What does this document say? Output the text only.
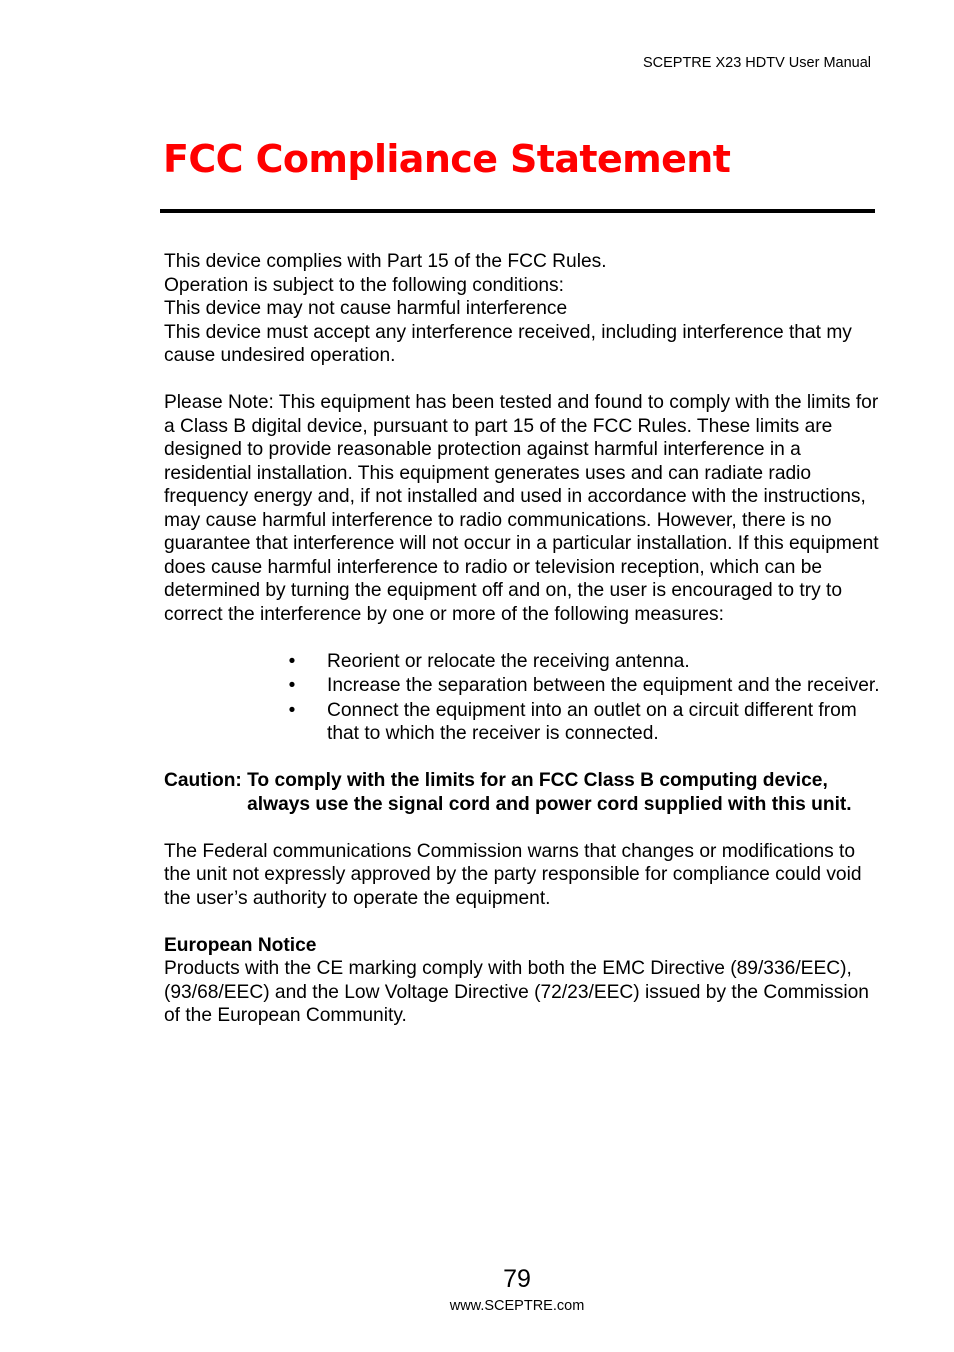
SCEPTRE X23 HDTV User Manual
FCC Compliance Statement

This device complies with Part 15 of the FCC Rules.

Operation is subject to the following conditions:

This device may not cause harmful interference

This device must accept any interference received, including interference that my cause undesired operation.

Please Note: This equipment has been tested and found to comply with the limits for a Class B digital device, pursuant to part 15 of the FCC Rules. These limits are designed to provide reasonable protection against harmful interference in a residential installation. This equipment generates uses and can radiate radio frequency energy and, if not installed and used in accordance with the instructions, may cause harmful interference to radio communications. However, there is no guarantee that interference will not occur in a particular installation. If this equipment does cause harmful interference to radio or television reception, which can be determined by turning the equipment off and on, the user is encouraged to try to correct the interference by one or more of the following measures:

• Reorient or relocate the receiving antenna.
• Increase the separation between the equipment and the receiver.
• Connect the equipment into an outlet on a circuit different from that to which the receiver is connected.
Caution: To comply with the limits for an FCC Class B computing device, always use the signal cord and power cord supplied with this unit.

The Federal communications Commission warns that changes or modifications to the unit not expressly approved by the party responsible for compliance could void the user’s authority to operate the equipment.

European Notice

Products with the CE marking comply with both the EMC Directive (89/336/EEC), (93/68/EEC) and the Low Voltage Directive (72/23/EEC) issued by the Commission of the European Community.

79
www.SCEPTRE.com
